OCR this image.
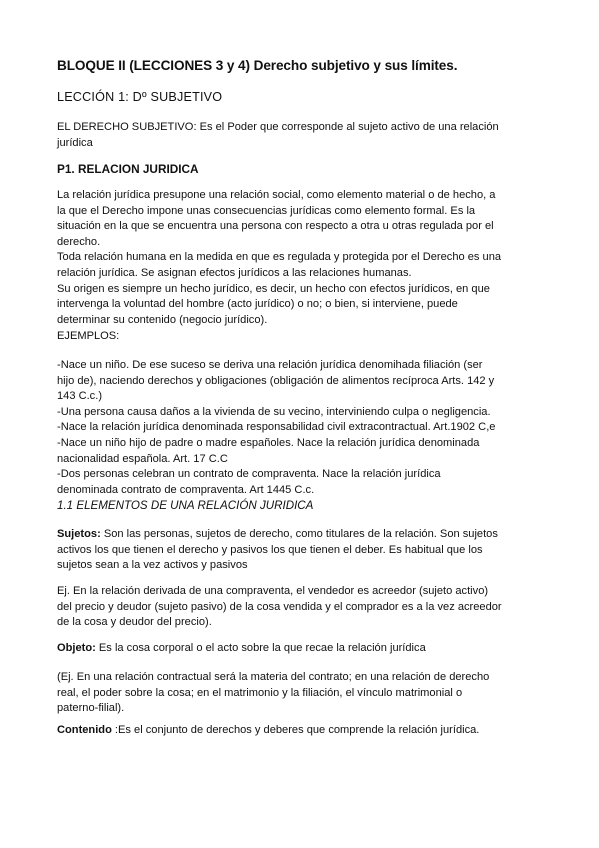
BLOQUE II (LECCIONES 3 y 4) Derecho subjetivo y sus límites.
LECCIÓN 1: Dº SUBJETIVO
EL DERECHO SUBJETIVO: Es el Poder que corresponde al sujeto activo de una relación
jurídica
P1. RELACION JURIDICA
La relación jurídica presupone una relación social, como elemento material o de hecho, a
la que el Derecho impone unas consecuencias jurídicas como elemento formal. Es la
situación en la que se encuentra una persona con respecto a otra u otras regulada por el
derecho.
Toda relación humana en la medida en que es regulada y protegida por el Derecho es una
relación jurídica. Se asignan efectos jurídicos a las relaciones humanas.
Su origen es siempre un hecho jurídico, es decir, un hecho con efectos jurídicos, en que
intervenga la voluntad del hombre (acto jurídico) o no; o bien, si interviene, puede
determinar su contenido (negocio jurídico).
EJEMPLOS:
-Nace un niño. De ese suceso se deriva una relación jurídica denomihada filiación (ser
hijo de), naciendo derechos y obligaciones (obligación de alimentos recíproca Arts. 142 y
143 C.c.)
-Una persona causa daños a la vivienda de su vecino, interviniendo culpa o negligencia.
-Nace la relación jurídica denominada responsabilidad civil extracontractual. Art.1902 C,e
-Nace un niño hijo de padre o madre españoles. Nace la relación jurídica denominada
nacionalidad española. Art. 17 C.C
-Dos personas celebran un contrato de compraventa. Nace la relación jurídica
denominada contrato de compraventa. Art 1445 C.c.
1.1 ELEMENTOS DE UNA RELACIÓN JURIDICA
Sujetos: Son las personas, sujetos de derecho, como titulares de la relación. Son sujetos
activos los que tienen el derecho y pasivos los que tienen el deber. Es habitual que los
sujetos sean a la vez activos y pasivos
Ej. En la relación derivada de una compraventa, el vendedor es acreedor (sujeto activo)
del precio y deudor (sujeto pasivo) de la cosa vendida y el comprador es a la vez acreedor
de la cosa y deudor del precio).
Objeto: Es la cosa corporal o el acto sobre la que recae la relación jurídica
(Ej. En una relación contractual será la materia del contrato; en una relación de derecho
real, el poder sobre la cosa; en el matrimonio y la filiación, el vínculo matrimonial o
paterno-filial).
Contenido :Es el conjunto de derechos y deberes que comprende la relación jurídica.
